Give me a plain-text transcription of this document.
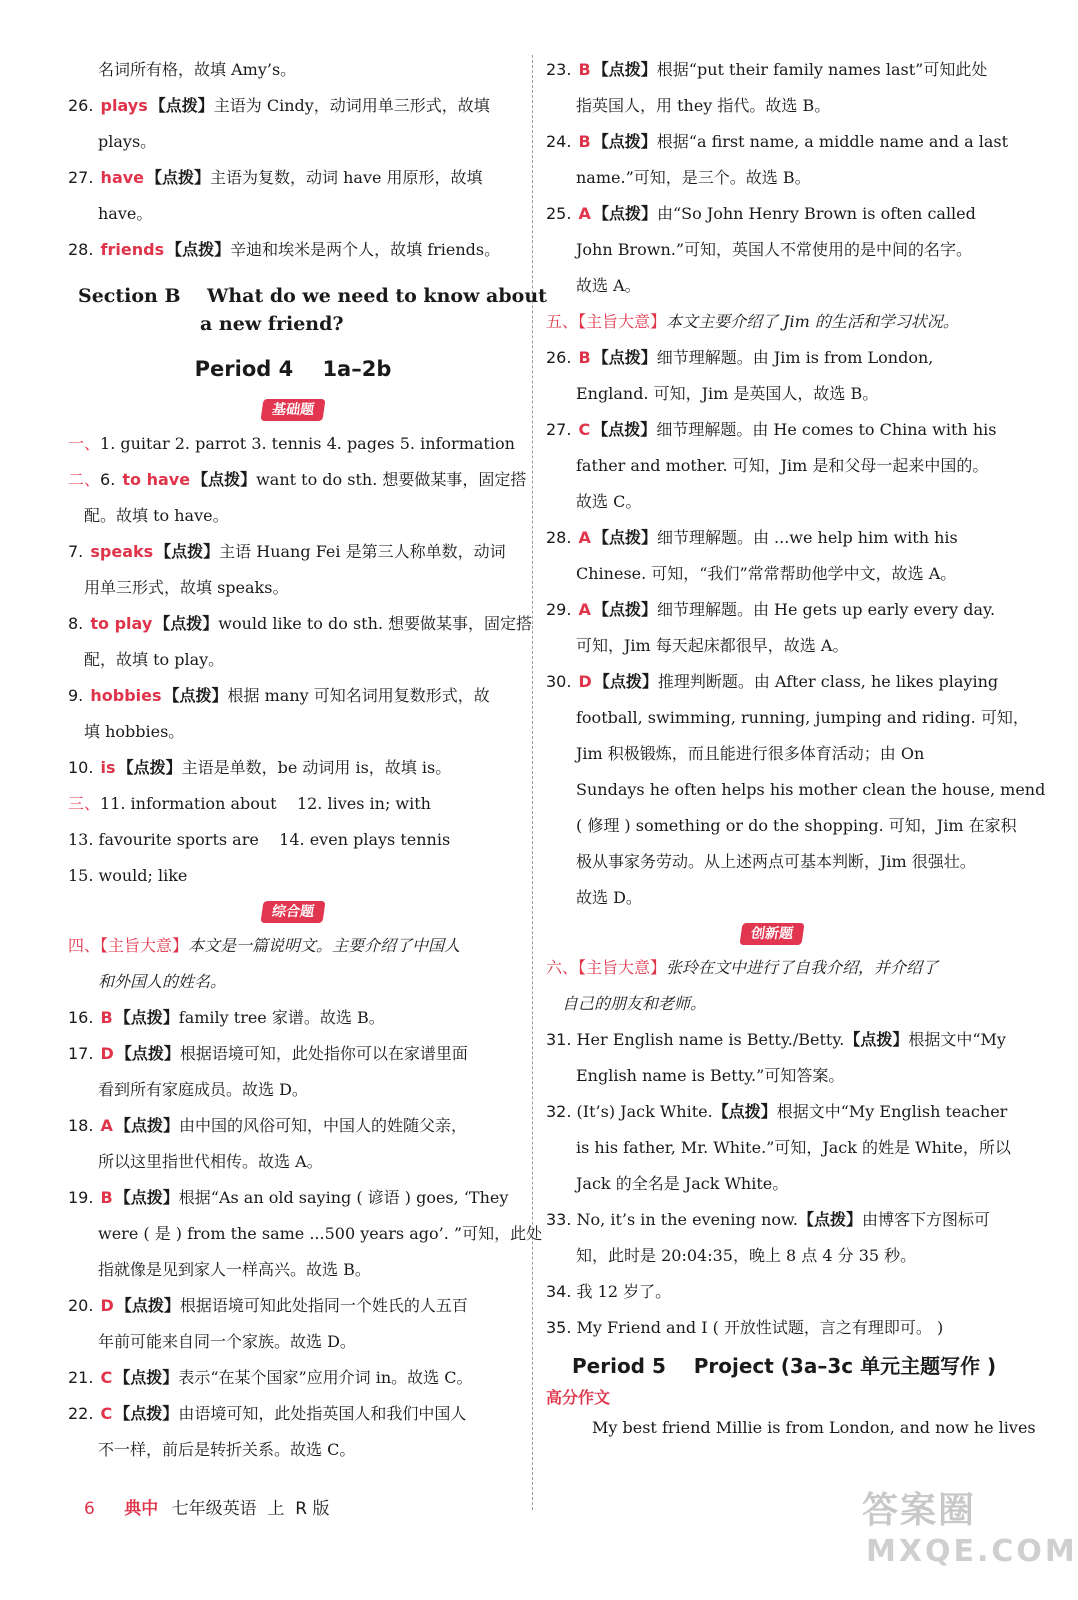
名词所有格，故填 Amy’s。
26. plays 【点拨】主语为 Cindy，动词用单三形式，故填
plays。
27. have 【点拨】主语为复数，动词 have 用原形，故填
have。
28. friends 【点拨】辛迪和埃米是两个人，故填 friends。
Section B    What do we need to know about
a new friend?
Period 4    1a–2b
基础题
一、1. guitar 2. parrot 3. tennis 4. pages 5. information
二、6. to have 【点拨】want to do sth. 想要做某事，固定搭
配。故填 to have。
7. speaks 【点拨】主语 Huang Fei 是第三人称单数，动词
用单三形式，故填 speaks。
8. to play 【点拨】would like to do sth. 想要做某事，固定搭
配，故填 to play。
9. hobbies 【点拨】根据 many 可知名词用复数形式，故
填 hobbies。
10. is 【点拨】主语是单数，be 动词用 is，故填 is。
三、11. information about    12. lives in; with
13. favourite sports are    14. even plays tennis
15. would; like
综合题
四、【主旨大意】本文是一篇说明文。主要介绍了中国人
和外国人的姓名。
16. B 【点拨】family tree 家谱。故选 B。
17. D 【点拨】根据语境可知，此处指你可以在家谱里面
看到所有家庭成员。故选 D。
18. A 【点拨】由中国的风俗可知，中国人的姓随父亲，
所以这里指世代相传。故选 A。
19. B 【点拨】根据“As an old saying ( 谚语 ) goes, ‘They
were ( 是 ) from the same ...500 years ago’. ”可知，此处
指就像是见到家人一样高兴。故选 B。
20. D 【点拨】根据语境可知此处指同一个姓氏的人五百
年前可能来自同一个家族。故选 D。
21. C 【点拨】表示“在某个国家”应用介词 in。故选 C。
22. C 【点拨】由语境可知，此处指英国人和我们中国人
不一样，前后是转折关系。故选 C。
23. B 【点拨】根据“put their family names last”可知此处
指英国人，用 they 指代。故选 B。
24. B 【点拨】根据“a first name, a middle name and a last
name.”可知，是三个。故选 B。
25. A 【点拨】由“So John Henry Brown is often called
John Brown.”可知，英国人不常使用的是中间的名字。
故选 A。
五、【主旨大意】本文主要介绍了 Jim 的生活和学习状况。
26. B 【点拨】细节理解题。由 Jim is from London,
England. 可知，Jim 是英国人，故选 B。
27. C 【点拨】细节理解题。由 He comes to China with his
father and mother. 可知，Jim 是和父母一起来中国的。
故选 C。
28. A 【点拨】细节理解题。由 ...we help him with his
Chinese. 可知，“我们”常常帮助他学中文，故选 A。
29. A 【点拨】细节理解题。由 He gets up early every day.
可知，Jim 每天起床都很早，故选 A。
30. D 【点拨】推理判断题。由 After class, he likes playing
football, swimming, running, jumping and riding. 可知，
Jim 积极锻炼，而且能进行很多体育活动；由 On
Sundays he often helps his mother clean the house, mend
( 修理 ) something or do the shopping. 可知，Jim 在家积
极从事家务劳动。从上述两点可基本判断，Jim 很强壮。
故选 D。
创新题
六、【主旨大意】张玲在文中进行了自我介绍，并介绍了
自己的朋友和老师。
31. Her English name is Betty./Betty.【点拨】根据文中“My
English name is Betty.”可知答案。
32. (It’s) Jack White.【点拨】根据文中“My English teacher
is his father, Mr. White.”可知，Jack 的姓是 White，所以
Jack 的全名是 Jack White。
33. No, it’s in the evening now.【点拨】由博客下方图标可
知，此时是 20:04:35，晚上 8 点 4 分 35 秒。
34. 我 12 岁了。
35. My Friend and I ( 开放性试题，言之有理即可。 )
Period 5    Project (3a–3c 单元主题写作 )
高分作文
My best friend Millie is from London, and now he lives
6 典中 七年级英语  上  R 版	答案圈
MXQE.COM
